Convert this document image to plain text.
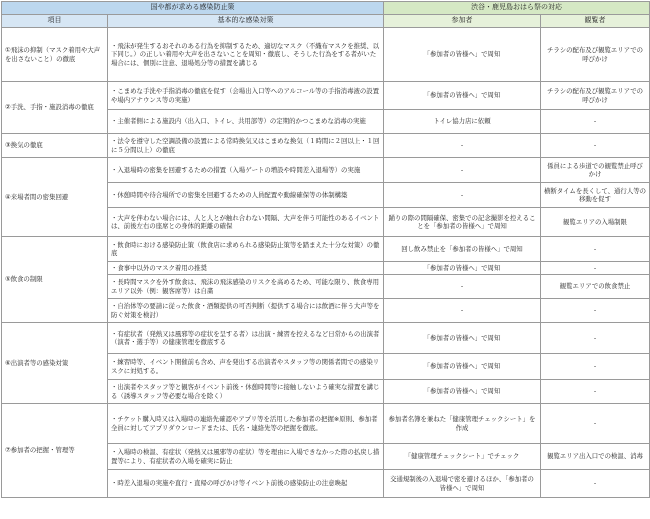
国や都が求める感染防止策		渋谷・鹿児島おはら祭の対応	
項目	基本的な感染対策	参加者	観覧者
①飛沫の抑制（マスク着用や大声を出さないこと）の徹底	・飛沫が発生するおそれのある行為を抑制するため、適切なマスク（不織布マスクを推奨、以下同じ。）の正しい着用や大声を出さないことを周知・徹底し、そうした行為をする者がいた場合には、個別に注意、退場処分等の措置を講じる	「参加者の皆様へ」で周知	チラシの配布及び観覧エリアでの呼びかけ
②手洗、手指・施設消毒の徹底	・こまめな手洗や手指消毒の徹底を促す（会場出入口等へのアルコール等の手指消毒液の設置や場内アナウンス等の実施）	「参加者の皆様へ」で周知	チラシの配布及び観覧エリアでの呼びかけ
	・主催者側による施設内（出入口、トイレ、共用部等）の定期的かつこまめな消毒の実施	トイレ協力店に依頼	-
③換気の徹底	・法令を遵守した空調設備の設置による常時換気又はこまめな換気（１時間に２回以上・１回に５分間以上）の徹底	-	-
④来場者間の密集回避	・入退場時の密集を回避するための措置（入場ゲートの増設や時間差入退場等）の実施	-	係員による歩道での観覧禁止呼びかけ
	・休憩時間や待合場所での密集を回避するための人員配置や動線確保等の体制構築	-	横断タイムを長くして、通行人等の移動を促す
	・大声を伴わない場合には、人と人とが触れ合わない間隔、大声を伴う可能性のあるイベントは、前後左右の座席との身体的距離の確保	踊りの際の間隔確保、密集での記念撮影を控えることを「参加者の皆様へ」で周知	観覧エリアの入場制限
⑤飲食の制限	・飲食時における感染防止策（飲食店に求められる感染防止策等を踏まえた十分な対策）の徹底	回し飲み禁止を「参加者の皆様へ」で周知	-
	・食事中以外のマスク着用の推奨	「参加者の皆様へ」で周知	-
	・長時間マスクを外す飲食は、飛沫の飛沫感染のリスクを高めるため、可能な限り、飲食専用エリア以外（例：観客席等）は自粛	-	観覧エリアでの飲食禁止
	・自治体等の要請に従った飲食・酒類提供の可否判断（提供する場合には飲酒に伴う大声等を防ぐ対策を検討）	-	-
⑥出演者等の感染対策	・有症状者（発熱又は風邪等の症状を呈する者）は出演・練習を控えるなど日常からの出演者（演者・選手等）の健康管理を徹底する	「参加者の皆様へ」で周知	-
	・練習時等、イベント開催前も含め、声を発出する出演者やスタッフ等の関係者間での感染リスクに対処する。	「参加者の皆様へ」で周知	-
	・出演者やスタッフ等と観客がイベント前後・休憩時間等に接触しないよう確実な措置を講じる（誘導スタッフ等必要な場合を除く）	「参加者の皆様へ」で周知	-
⑦参加者の把握・管理等	・チケット購入時又は入場時の連絡先確認やアプリ等を活用した参加者の把握※原則、参加者全員に対してアプリダウンロードまたは、氏名・連絡先等の把握を徹底。	参加者名簿を兼ねた「健康管理チェックシート」を作成	-
	・入場時の検温、有症状（発熱又は風邪等の症状）等を理由に入場できなかった際の払戻し措置等により、有症状者の入場を確実に防止	「健康管理チェックシート」でチェック	観覧エリア出入口での検温、消毒
	・時差入退場の実施や直行・直帰の呼びかけ等イベント前後の感染防止の注意喚起	交通規制後の入退場で密を避けるほか、「参加者の皆様へ」で周知	-
